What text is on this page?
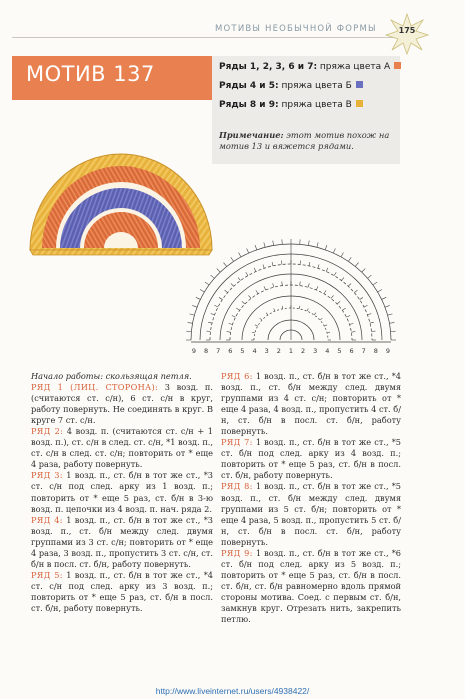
МОТИВЫ НЕОБЫЧНОЙ ФОРМЫ	175
МОТИВ 137	Ряды 1, 2, 3, 6 и 7: пряжа цвета А
Ряды 4 и 5: пряжа цвета Б
Ряды 8 и 9: пряжа цвета В
Примечание: этот мотив похож на мотив 13 и вяжется рядами.
9 8 7 6 5 4 3 2 1 2 3 4 5 6 7 8 9

Начало работы: скользящая петля.

РЯД 1 (ЛИЦ. СТОРОНА): 3 возд. п. (считаются ст. с/н), 6 ст. с/н в круг, работу повернуть. Не соединять в круг. В круге 7 ст. с/н.

РЯД 2: 4 возд. п. (считаются ст. с/н + 1 возд. п.), ст. с/н в след. ст. с/н, *1 возд. п., ст. с/н в след. ст. с/н; повторить от * еще 4 раза, работу повернуть.

РЯД 3: 1 возд. п., ст. б/н в тот же ст., *3 ст. с/н под след. арку из 1 возд. п.; повторить от * еще 5 раз, ст. б/н в 3-ю возд. п. цепочки из 4 возд. п. нач. ряда 2.

РЯД 4: 1 возд. п., ст. б/н в тот же ст., *3 возд. п., ст. б/н между след. двумя группами из 3 ст. с/н; повторить от * еще 4 раза, 3 возд. п., пропустить 3 ст. с/н, ст. б/н в посл. ст. б/н, работу повернуть.

РЯД 5: 1 возд. п., ст. б/н в тот же ст., *4 ст. с/н под след. арку из 3 возд. п.; повторить от * еще 5 раз, ст. б/н в посл. ст. б/н, работу повернуть.

РЯД 6: 1 возд. п., ст. б/н в тот же ст., *4 возд. п., ст. б/н между след. двумя группами из 4 ст. с/н; повторить от * еще 4 раза, 4 возд. п., пропустить 4 ст. б/н, ст. б/н в посл. ст. б/н, работу повернуть.

РЯД 7: 1 возд. п., ст. б/н в тот же ст., *5 ст. б/н под след. арку из 4 возд. п.; повторить от * еще 5 раз, ст. б/н в посл. ст. б/н, работу повернуть.

РЯД 8: 1 возд. п., ст. б/н в тот же ст., *5 возд. п., ст. б/н между след. двумя группами из 5 ст. б/н; повторить от * еще 4 раза, 5 возд. п., пропустить 5 ст. б/н, ст. б/н в посл. ст. б/н, работу повернуть.

РЯД 9: 1 возд. п., ст. б/н в тот же ст., *6 ст. б/н под след. арку из 5 возд. п.; повторить от * еще 5 раз, ст. б/н в посл. ст. б/н, ст. б/н равномерно вдоль прямой стороны мотива. Соед. с первым ст. б/н, замкнув круг. Отрезать нить, закрепить петлю.

http://www.liveinternet.ru/users/4938422/
